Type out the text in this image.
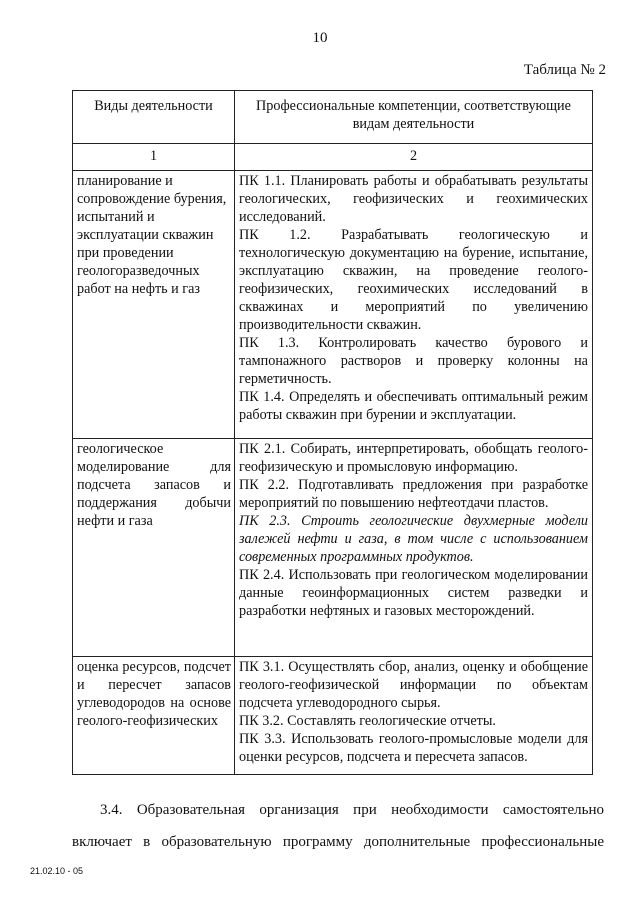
10
Таблица № 2
Виды деятельности	Профессиональные компетенции, соответствующие видам деятельности
1	2
планирование и сопровождение бурения, испытаний и эксплуатации скважин при проведении геологоразведочных работ на нефть и газ	ПК 1.1. Планировать работы и обрабатывать результаты геологических, геофизических и геохимических исследований.

ПК 1.2. Разрабатывать геологическую и технологическую документацию на бурение, испытание, эксплуатацию скважин, на проведение геолого-геофизических, геохимических исследований в скважинах и мероприятий по увеличению производительности скважин.

ПК 1.3. Контролировать качество бурового и тампонажного растворов и проверку колонны на герметичность.

ПК 1.4. Определять и обеспечивать оптимальный режим работы скважин при бурении и эксплуатации.

геологическое моделирование для подсчета запасов и поддержания добычи нефти и газа	ПК 2.1. Собирать, интерпретировать, обобщать геолого-геофизическую и промысловую информацию.

ПК 2.2. Подготавливать предложения при разработке мероприятий по повышению нефтеотдачи пластов.

ПК 2.3. Строить геологические двухмерные модели залежей нефти и газа, в том числе с использованием современных программных продуктов.

ПК 2.4. Использовать при геологическом моделировании данные геоинформационных систем разведки и разработки нефтяных и газовых месторождений.

оценка ресурсов, подсчет и пересчет запасов углеводородов на основе геолого-геофизических	ПК 3.1. Осуществлять сбор, анализ, оценку и обобщение геолого-геофизической информации по объектам подсчета углеводородного сырья.

ПК 3.2. Составлять геологические отчеты.

ПК 3.3. Использовать геолого-промысловые модели для оценки ресурсов, подсчета и пересчета запасов.

3.4. Образовательная организация при необходимости самостоятельно включает в образовательную программу дополнительные профессиональные
21.02.10 - 05
